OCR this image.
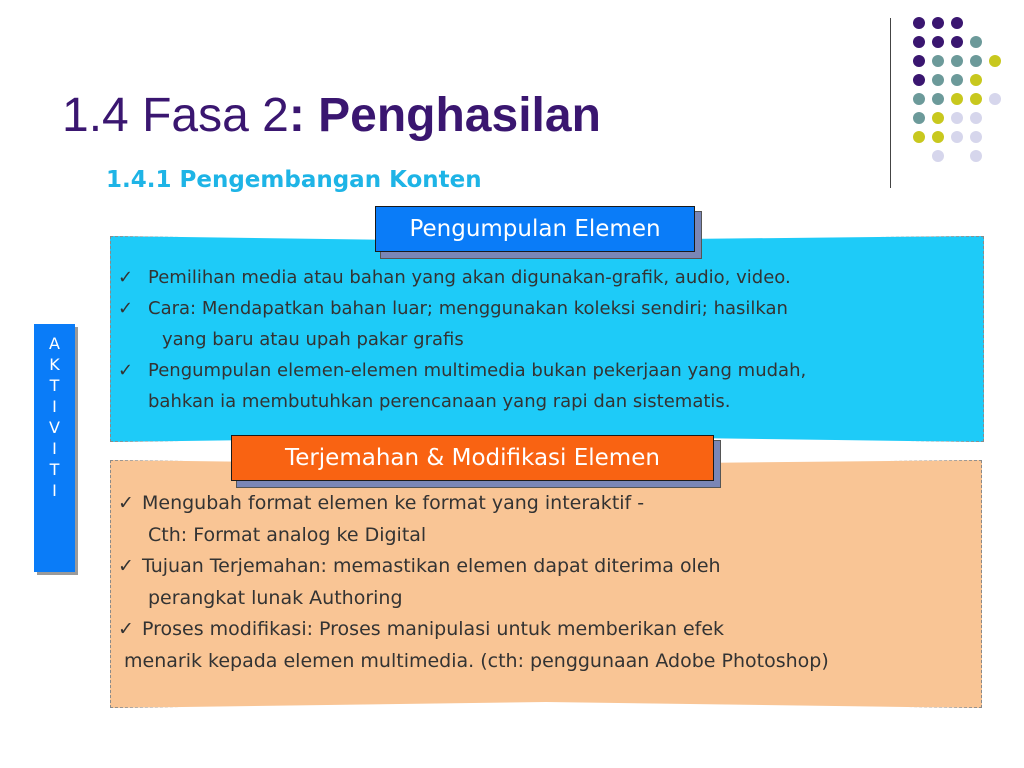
1.4 Fasa 2: Penghasilan
1.4.1 Pengembangan Konten
A
K
T
I
V
I
T
I
✓ Pemilihan media atau bahan yang akan digunakan-grafik, audio, video.
✓ Cara: Mendapatkan bahan luar; menggunakan koleksi sendiri; hasilkan
yang baru atau upah pakar grafis
✓ Pengumpulan elemen-elemen multimedia bukan pekerjaan yang mudah,
bahkan ia membutuhkan perencanaan yang rapi dan sistematis.
Pengumpulan Elemen
✓ Mengubah format elemen ke format yang interaktif -
Cth: Format analog ke Digital
✓ Tujuan Terjemahan: memastikan elemen dapat diterima oleh
perangkat lunak Authoring
✓ Proses modifikasi: Proses manipulasi untuk memberikan efek
menarik kepada elemen multimedia. (cth: penggunaan Adobe Photoshop)
Terjemahan & Modifikasi Elemen
